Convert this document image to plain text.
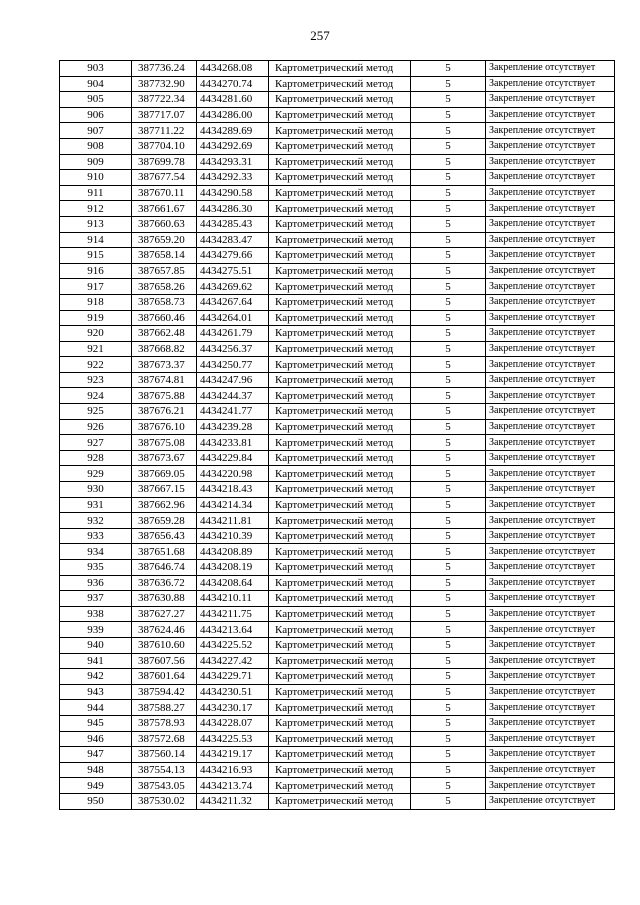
257
903	387736.24	4434268.08	Картометрический метод	5	Закрепление отсутствует
904	387732.90	4434270.74	Картометрический метод	5	Закрепление отсутствует
905	387722.34	4434281.60	Картометрический метод	5	Закрепление отсутствует
906	387717.07	4434286.00	Картометрический метод	5	Закрепление отсутствует
907	387711.22	4434289.69	Картометрический метод	5	Закрепление отсутствует
908	387704.10	4434292.69	Картометрический метод	5	Закрепление отсутствует
909	387699.78	4434293.31	Картометрический метод	5	Закрепление отсутствует
910	387677.54	4434292.33	Картометрический метод	5	Закрепление отсутствует
911	387670.11	4434290.58	Картометрический метод	5	Закрепление отсутствует
912	387661.67	4434286.30	Картометрический метод	5	Закрепление отсутствует
913	387660.63	4434285.43	Картометрический метод	5	Закрепление отсутствует
914	387659.20	4434283.47	Картометрический метод	5	Закрепление отсутствует
915	387658.14	4434279.66	Картометрический метод	5	Закрепление отсутствует
916	387657.85	4434275.51	Картометрический метод	5	Закрепление отсутствует
917	387658.26	4434269.62	Картометрический метод	5	Закрепление отсутствует
918	387658.73	4434267.64	Картометрический метод	5	Закрепление отсутствует
919	387660.46	4434264.01	Картометрический метод	5	Закрепление отсутствует
920	387662.48	4434261.79	Картометрический метод	5	Закрепление отсутствует
921	387668.82	4434256.37	Картометрический метод	5	Закрепление отсутствует
922	387673.37	4434250.77	Картометрический метод	5	Закрепление отсутствует
923	387674.81	4434247.96	Картометрический метод	5	Закрепление отсутствует
924	387675.88	4434244.37	Картометрический метод	5	Закрепление отсутствует
925	387676.21	4434241.77	Картометрический метод	5	Закрепление отсутствует
926	387676.10	4434239.28	Картометрический метод	5	Закрепление отсутствует
927	387675.08	4434233.81	Картометрический метод	5	Закрепление отсутствует
928	387673.67	4434229.84	Картометрический метод	5	Закрепление отсутствует
929	387669.05	4434220.98	Картометрический метод	5	Закрепление отсутствует
930	387667.15	4434218.43	Картометрический метод	5	Закрепление отсутствует
931	387662.96	4434214.34	Картометрический метод	5	Закрепление отсутствует
932	387659.28	4434211.81	Картометрический метод	5	Закрепление отсутствует
933	387656.43	4434210.39	Картометрический метод	5	Закрепление отсутствует
934	387651.68	4434208.89	Картометрический метод	5	Закрепление отсутствует
935	387646.74	4434208.19	Картометрический метод	5	Закрепление отсутствует
936	387636.72	4434208.64	Картометрический метод	5	Закрепление отсутствует
937	387630.88	4434210.11	Картометрический метод	5	Закрепление отсутствует
938	387627.27	4434211.75	Картометрический метод	5	Закрепление отсутствует
939	387624.46	4434213.64	Картометрический метод	5	Закрепление отсутствует
940	387610.60	4434225.52	Картометрический метод	5	Закрепление отсутствует
941	387607.56	4434227.42	Картометрический метод	5	Закрепление отсутствует
942	387601.64	4434229.71	Картометрический метод	5	Закрепление отсутствует
943	387594.42	4434230.51	Картометрический метод	5	Закрепление отсутствует
944	387588.27	4434230.17	Картометрический метод	5	Закрепление отсутствует
945	387578.93	4434228.07	Картометрический метод	5	Закрепление отсутствует
946	387572.68	4434225.53	Картометрический метод	5	Закрепление отсутствует
947	387560.14	4434219.17	Картометрический метод	5	Закрепление отсутствует
948	387554.13	4434216.93	Картометрический метод	5	Закрепление отсутствует
949	387543.05	4434213.74	Картометрический метод	5	Закрепление отсутствует
950	387530.02	4434211.32	Картометрический метод	5	Закрепление отсутствует
